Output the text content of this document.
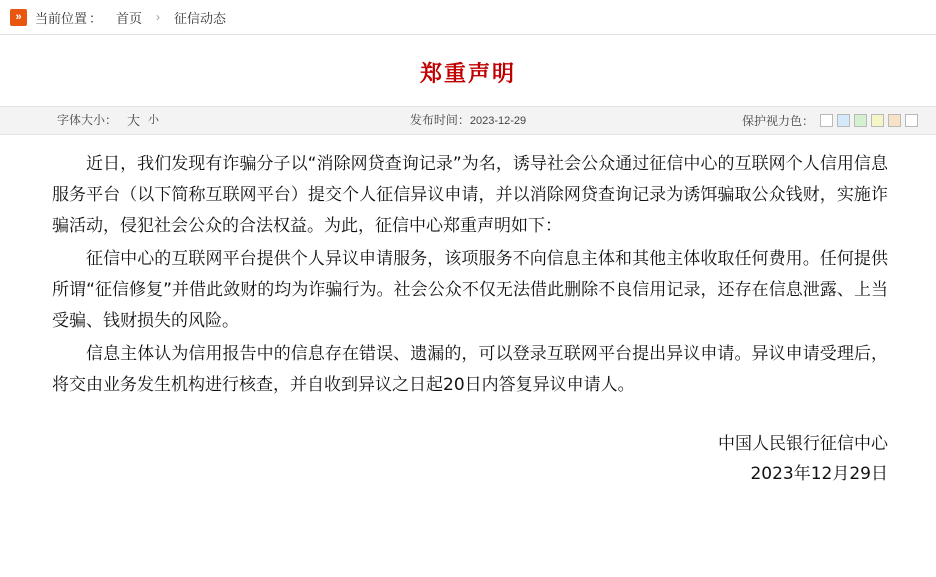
»	当前位置 ： 首页 › 征信动态
郑重声明
字体大小： 大 小	发布时间：2023-12-29	保护视力色：

近日，我们发现有诈骗分子以“消除网贷查询记录”为名，诱导社会公众通过征信中心的互联网个人信用信息服务平台（以下简称互联网平台）提交个人征信异议申请，并以消除网贷查询记录为诱饵骗取公众钱财，实施诈骗活动，侵犯社会公众的合法权益。为此，征信中心郑重声明如下：

征信中心的互联网平台提供个人异议申请服务，该项服务不向信息主体和其他主体收取任何费用。任何提供所谓“征信修复”并借此敛财的均为诈骗行为。社会公众不仅无法借此删除不良信用记录，还存在信息泄露、上当受骗、钱财损失的风险。

信息主体认为信用报告中的信息存在错误、遗漏的，可以登录互联网平台提出异议申请。异议申请受理后，将交由业务发生机构进行核查，并自收到异议之日起20日内答复异议申请人。

中国人民银行征信中心
2023年12月29日
